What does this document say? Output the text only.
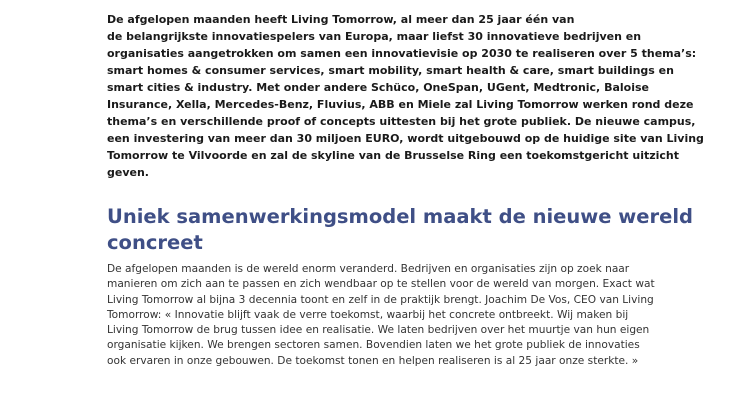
De afgelopen maanden heeft Living Tomorrow, al meer dan 25 jaar één van
de belangrijkste innovatiespelers van Europa, maar liefst 30 innovatieve bedrijven en
organisaties aangetrokken om samen een innovatievisie op 2030 te realiseren over 5 thema’s:
smart homes & consumer services, smart mobility, smart health & care, smart buildings en
smart cities & industry. Met onder andere Schüco, OneSpan, UGent, Medtronic, Baloise
Insurance, Xella, Mercedes-Benz, Fluvius, ABB en Miele zal Living Tomorrow werken rond deze
thema’s en verschillende proof of concepts uittesten bij het grote publiek. De nieuwe campus,
een investering van meer dan 30 miljoen EURO, wordt uitgebouwd op de huidige site van Living
Tomorrow te Vilvoorde en zal de skyline van de Brusselse Ring een toekomstgericht uitzicht
geven.

Uniek samenwerkingsmodel maakt de nieuwe wereld
concreet

De afgelopen maanden is de wereld enorm veranderd. Bedrijven en organisaties zijn op zoek naar
manieren om zich aan te passen en zich wendbaar op te stellen voor de wereld van morgen. Exact wat
Living Tomorrow al bijna 3 decennia toont en zelf in de praktijk brengt. Joachim De Vos, CEO van Living
Tomorrow: « Innovatie blijft vaak de verre toekomst, waarbij het concrete ontbreekt. Wij maken bij
Living Tomorrow de brug tussen idee en realisatie. We laten bedrijven over het muurtje van hun eigen
organisatie kijken. We brengen sectoren samen. Bovendien laten we het grote publiek de innovaties
ook ervaren in onze gebouwen. De toekomst tonen en helpen realiseren is al 25 jaar onze sterkte. »
